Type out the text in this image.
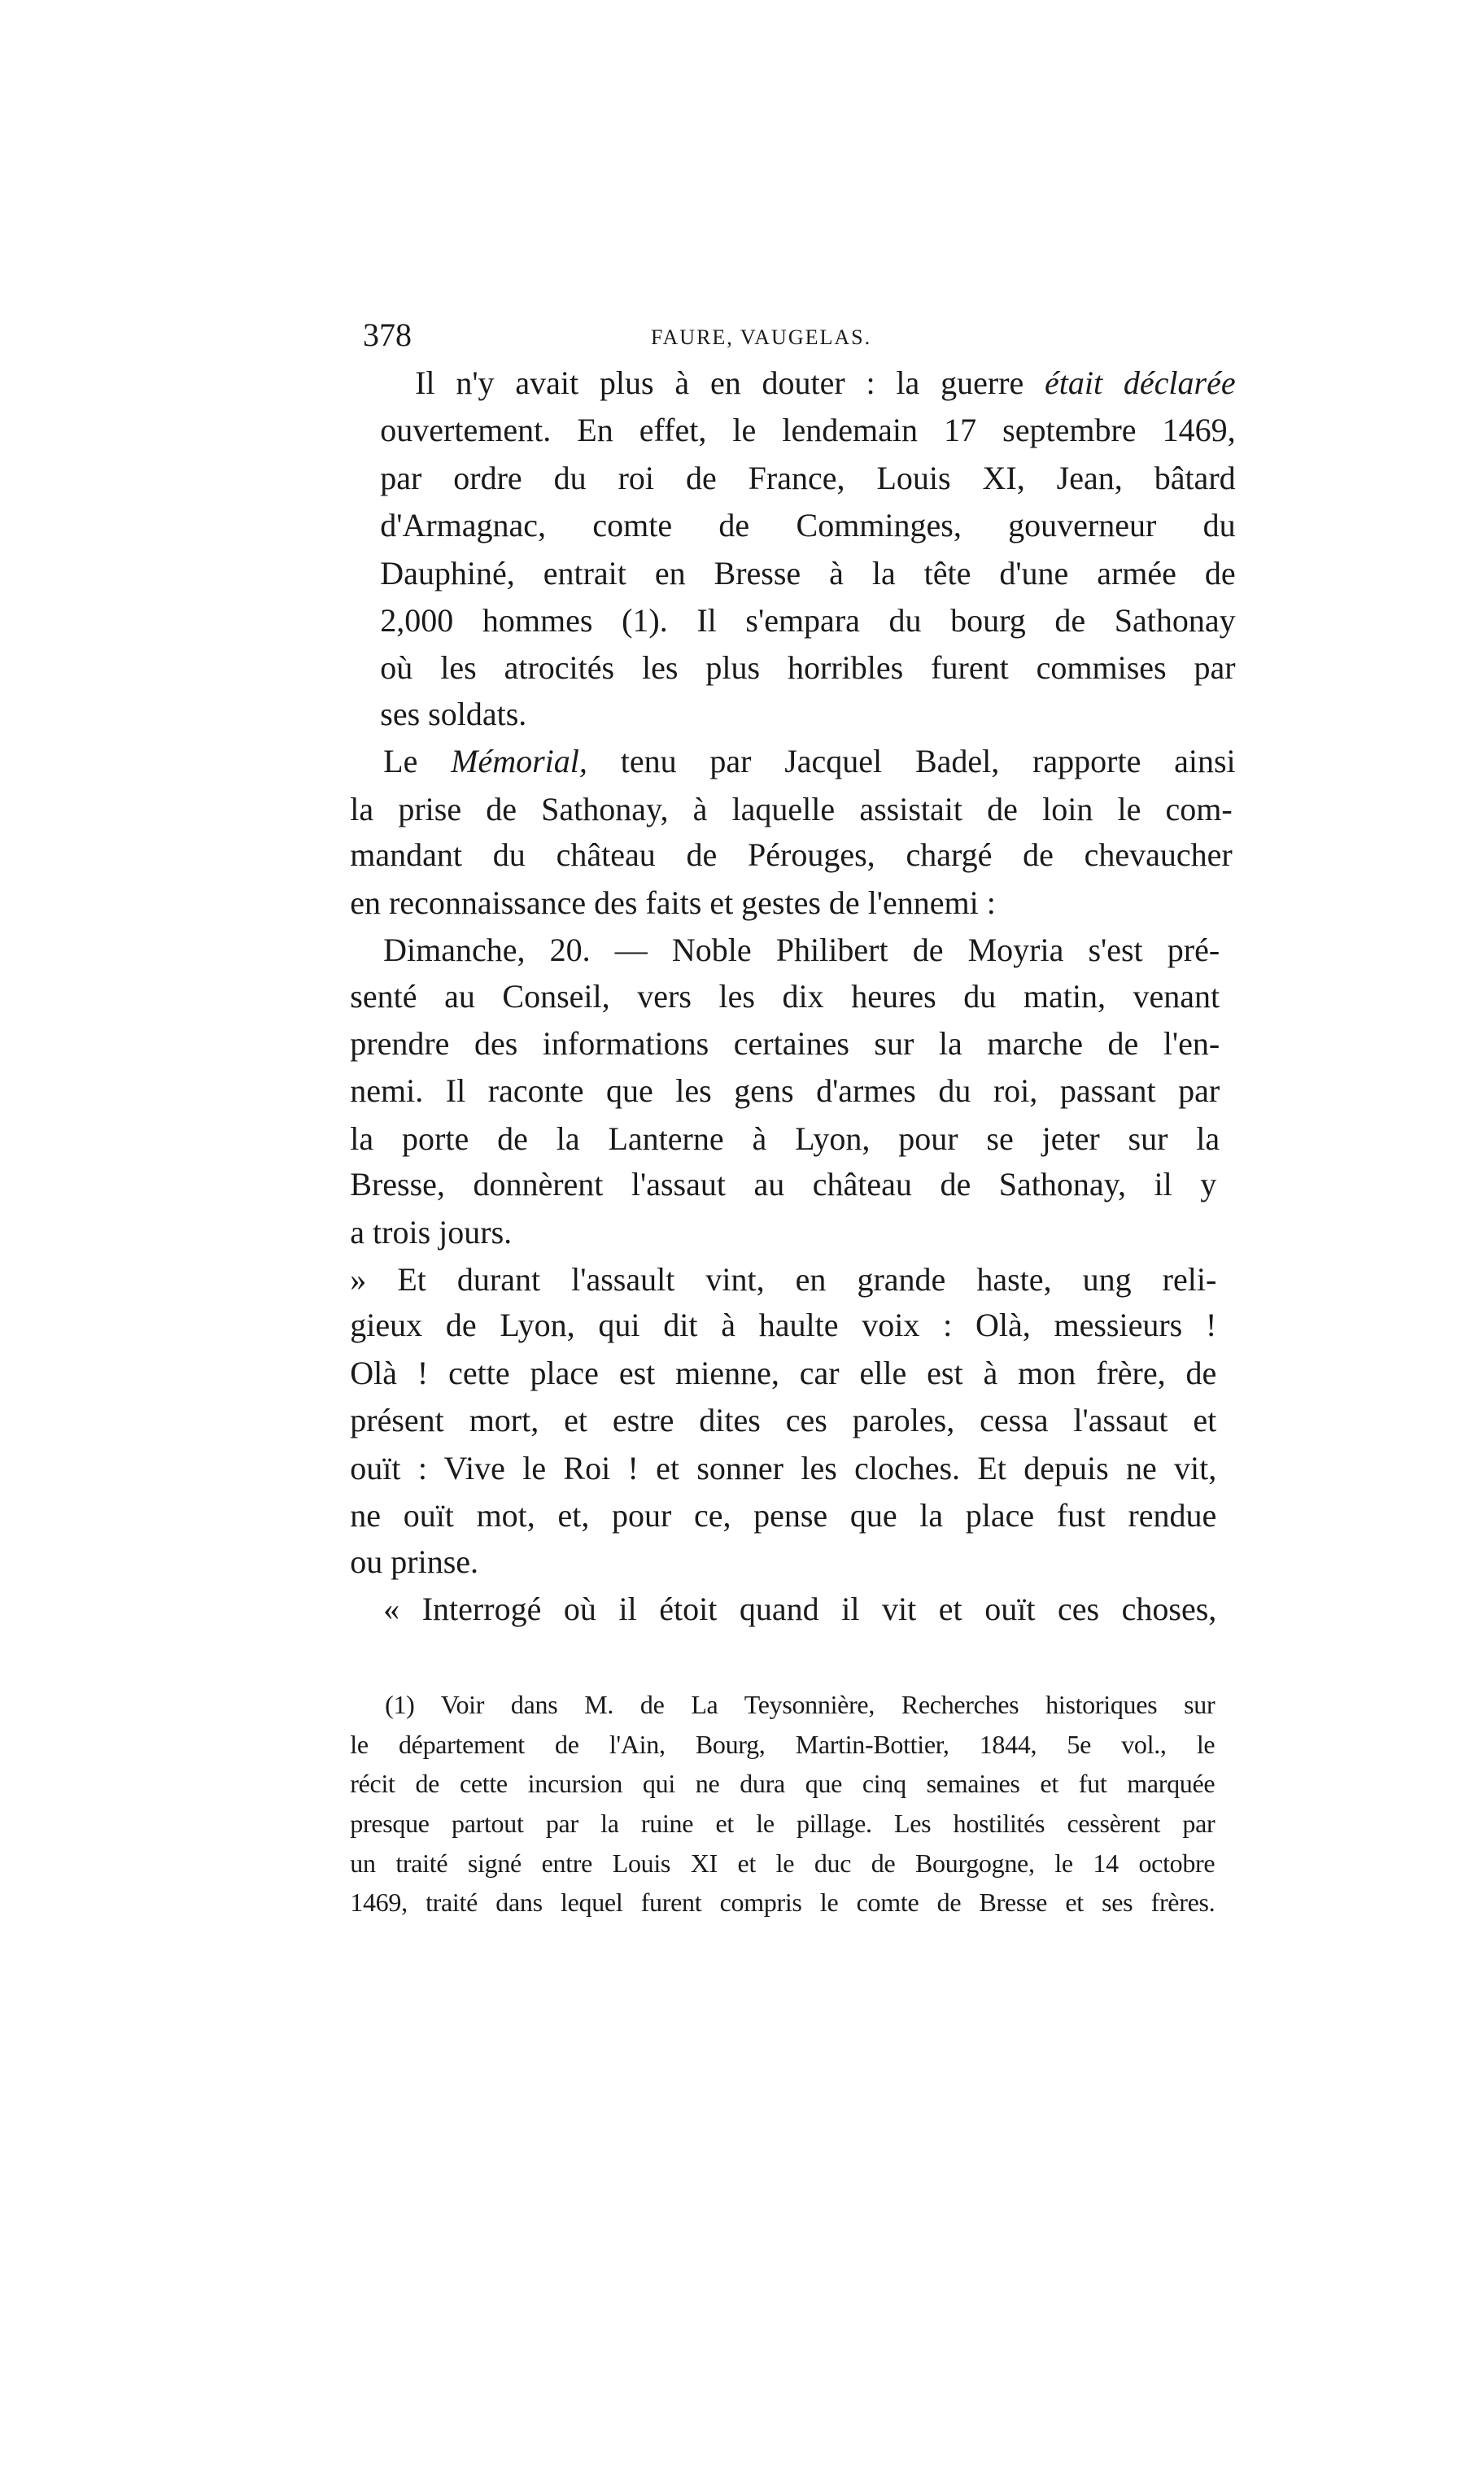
378	FAURE, VAUGELAS.
Il n'y avait plus à en douter : la guerre était déclarée
ouvertement. En effet, le lendemain 17 septembre 1469,
par ordre du roi de France, Louis XI, Jean, bâtard
d'Armagnac, comte de Comminges, gouverneur du
Dauphiné, entrait en Bresse à la tête d'une armée de
2,000 hommes (1). Il s'empara du bourg de Sathonay
où les atrocités les plus horribles furent commises par
ses soldats.
Le Mémorial, tenu par Jacquel Badel, rapporte ainsi
la prise de Sathonay, à laquelle assistait de loin le com-
mandant du château de Pérouges, chargé de chevaucher
en reconnaissance des faits et gestes de l'ennemi :
Dimanche, 20. — Noble Philibert de Moyria s'est pré-
senté au Conseil, vers les dix heures du matin, venant
prendre des informations certaines sur la marche de l'en-
nemi. Il raconte que les gens d'armes du roi, passant par
la porte de la Lanterne à Lyon, pour se jeter sur la
Bresse, donnèrent l'assaut au château de Sathonay, il y
a trois jours.
» Et durant l'assault vint, en grande haste, ung reli-
gieux de Lyon, qui dit à haulte voix : Olà, messieurs !
Olà ! cette place est mienne, car elle est à mon frère, de
présent mort, et estre dites ces paroles, cessa l'assaut et
ouït : Vive le Roi ! et sonner les cloches. Et depuis ne vit,
ne ouït mot, et, pour ce, pense que la place fust rendue
ou prinse.
« Interrogé où il étoit quand il vit et ouït ces choses,
(1) Voir dans M. de La Teysonnière, Recherches historiques sur
le département de l'Ain, Bourg, Martin-Bottier, 1844, 5e vol., le
récit de cette incursion qui ne dura que cinq semaines et fut marquée
presque partout par la ruine et le pillage. Les hostilités cessèrent par
un traité signé entre Louis XI et le duc de Bourgogne, le 14 octobre
1469, traité dans lequel furent compris le comte de Bresse et ses frères.
